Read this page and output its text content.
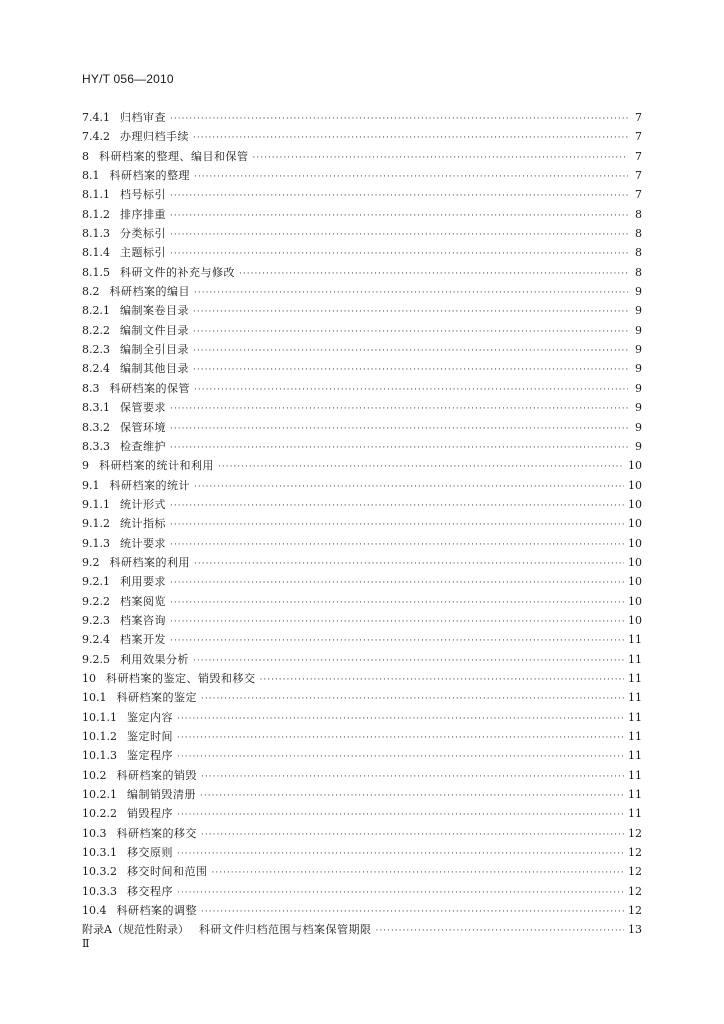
HY/T 056—2010
7.4.1 归档审查 ·····	7
7.4.2 办理归档手续 ·····	7
8 科研档案的整理、编目和保管 ·····	7
8.1 科研档案的整理 ·····	7
8.1.1 档号标引 ·····	7
8.1.2 排序排重 ·····	8
8.1.3 分类标引 ·····	8
8.1.4 主题标引 ·····	8
8.1.5 科研文件的补充与修改 ·····	8
8.2 科研档案的编目 ·····	9
8.2.1 编制案卷目录 ·····	9
8.2.2 编制文件目录 ·····	9
8.2.3 编制全引目录 ·····	9
8.2.4 编制其他目录 ·····	9
8.3 科研档案的保管 ·····	9
8.3.1 保管要求 ·····	9
8.3.2 保管环境 ·····	9
8.3.3 检查维护 ·····	9
9 科研档案的统计和利用 ·····	10
9.1 科研档案的统计 ·····	10
9.1.1 统计形式 ·····	10
9.1.2 统计指标 ·····	10
9.1.3 统计要求 ·····	10
9.2 科研档案的利用 ·····	10
9.2.1 利用要求 ·····	10
9.2.2 档案阅览 ·····	10
9.2.3 档案咨询 ·····	10
9.2.4 档案开发 ·····	11
9.2.5 利用效果分析 ·····	11
10 科研档案的鉴定、销毁和移交 ·····	11
10.1 科研档案的鉴定 ·····	11
10.1.1 鉴定内容 ·····	11
10.1.2 鉴定时间 ·····	11
10.1.3 鉴定程序 ·····	11
10.2 科研档案的销毁 ·····	11
10.2.1 编制销毁清册 ·····	11
10.2.2 销毁程序 ·····	11
10.3 科研档案的移交 ·····	12
10.3.1 移交原则 ·····	12
10.3.2 移交时间和范围 ·····	12
10.3.3 移交程序 ·····	12
10.4 科研档案的调整 ·····	12
附录A（规范性附录） 科研文件归档范围与档案保管期限 ·····	13
Ⅱ
